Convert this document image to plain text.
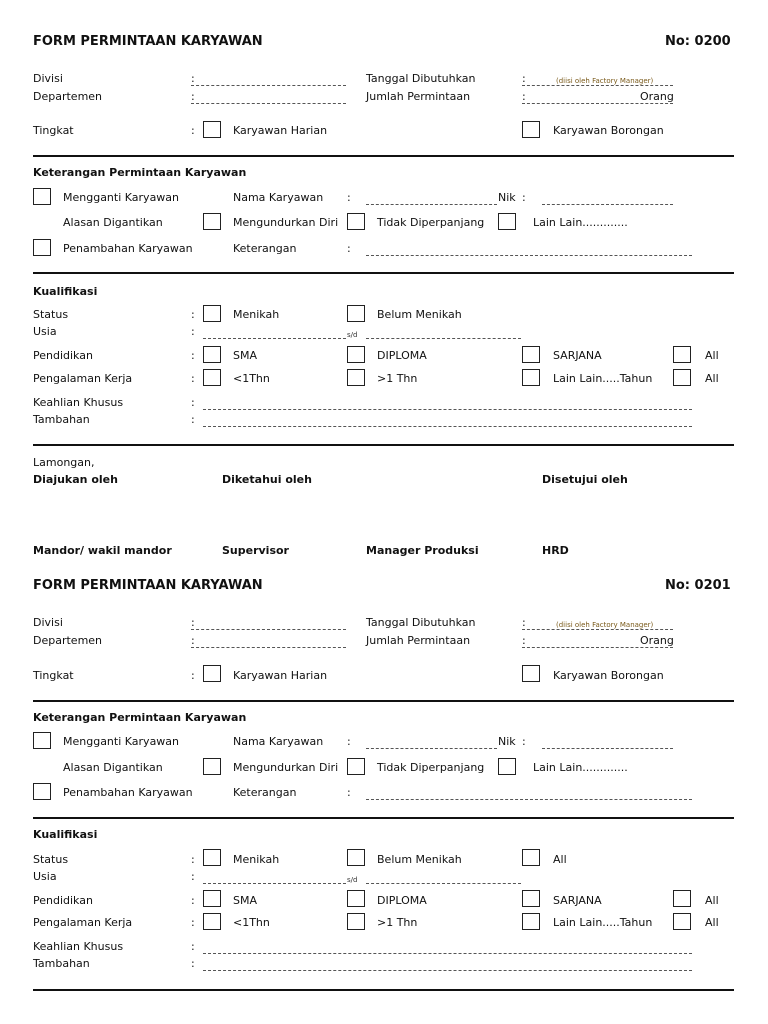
FORM PERMINTAAN KARYAWAN	No: 0200
Divisi	:
Departemen	:
Tanggal Dibutuhkan	:	(diisi oleh Factory Manager)
Jumlah Permintaan	:	Orang
Tingkat	:	Karyawan Harian	Karyawan Borongan
Keterangan Permintaan Karyawan
Mengganti Karyawan	Nama Karyawan :	Nik :
Alasan Digantikan	Mengundurkan Diri	Tidak Diperpanjang	Lain Lain.............
Penambahan Karyawan	Keterangan	:
Kualifikasi
Status	:	Menikah	Belum Menikah
Usia	:	s/d
Pendidikan	:	SMA	DIPLOMA	SARJANA	All
Pengalaman Kerja	:	<1Thn	>1 Thn	Lain Lain.....Tahun	All
Keahlian Khusus	:
Tambahan	:
Lamongan,
Diajukan oleh	Diketahui oleh	Disetujui oleh
Mandor/ wakil mandor	Supervisor	Manager Produksi	HRD
FORM PERMINTAAN KARYAWAN	No: 0201
Divisi	:
Departemen	:
Tanggal Dibutuhkan	:	(diisi oleh Factory Manager)
Jumlah Permintaan	:	Orang
Tingkat	:	Karyawan Harian	Karyawan Borongan
Keterangan Permintaan Karyawan
Mengganti Karyawan	Nama Karyawan :	Nik :
Alasan Digantikan	Mengundurkan Diri	Tidak Diperpanjang	Lain Lain.............
Penambahan Karyawan	Keterangan	:
Kualifikasi
Status	:	Menikah	Belum Menikah	All
Usia	:	s/d
Pendidikan	:	SMA	DIPLOMA	SARJANA	All
Pengalaman Kerja	:	<1Thn	>1 Thn	Lain Lain.....Tahun	All
Keahlian Khusus	:
Tambahan	:
